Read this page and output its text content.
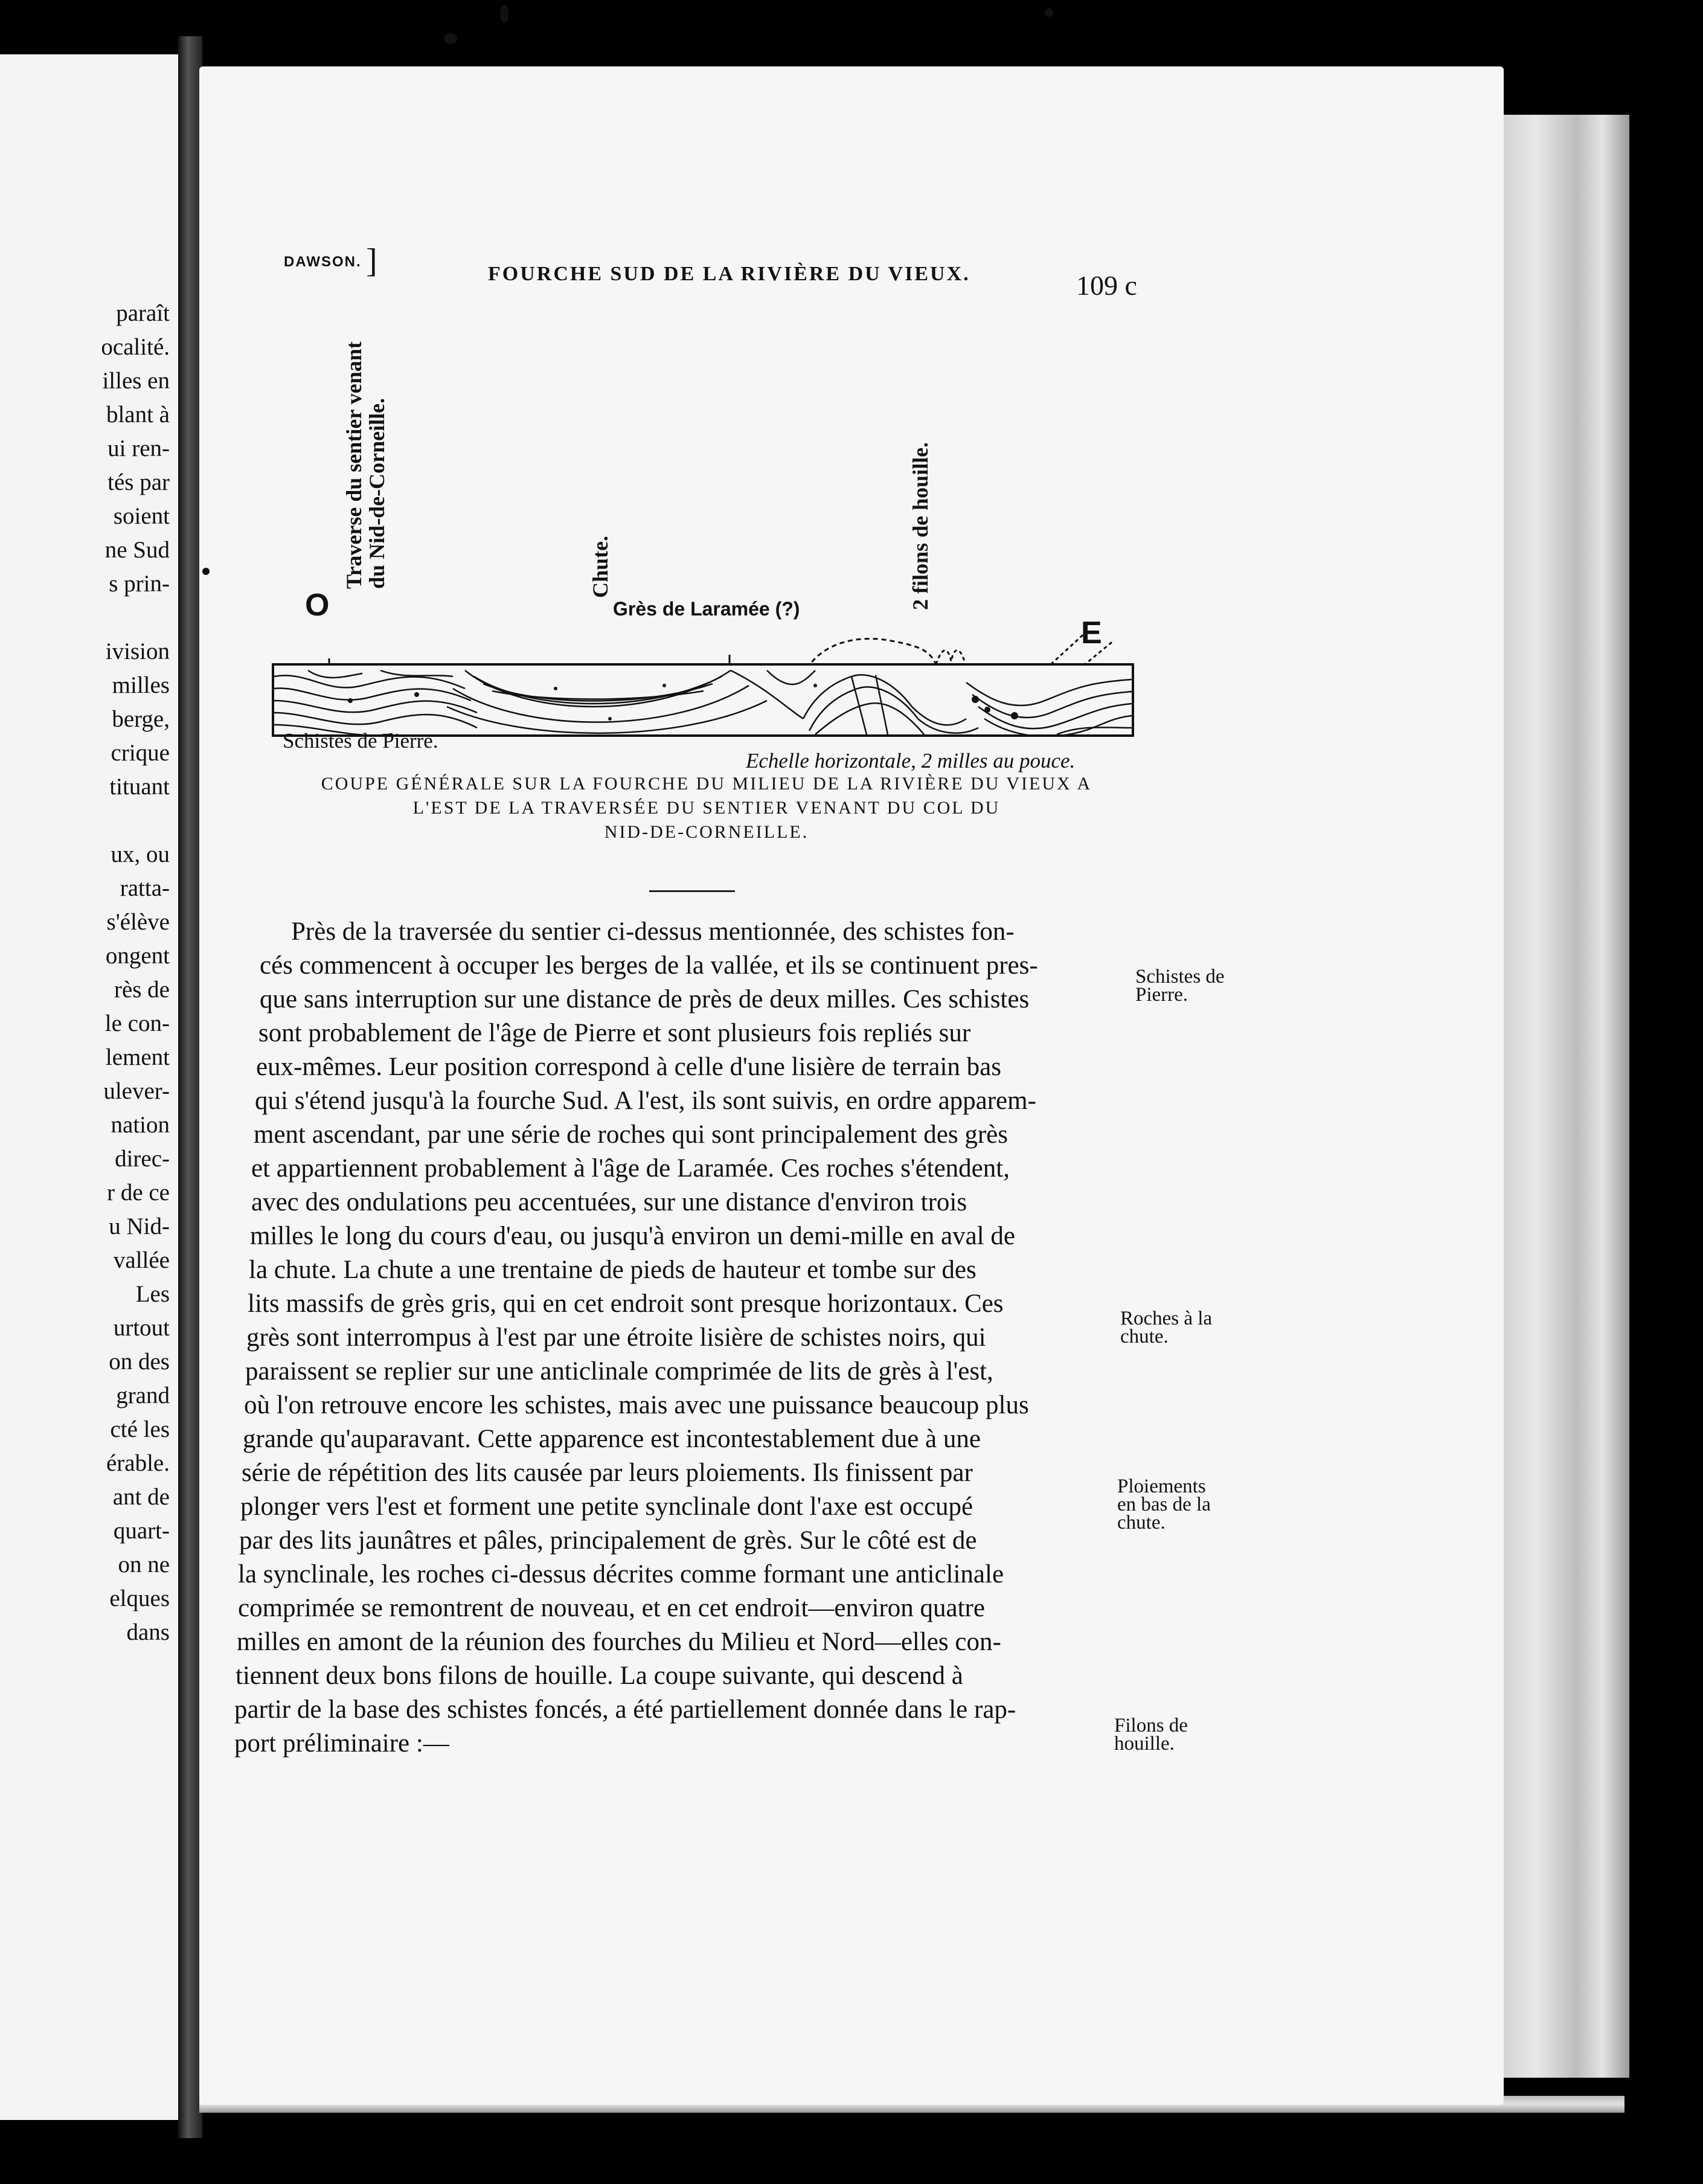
paraît
ocalité.
illes en
blant à
ui ren-
tés par
soient
ne Sud
s prin-
ivision
milles
berge,
crique
tituant
ux, ou
ratta-
s'élève
ongent
rès de
le con-
lement
ulever-
nation
direc-
r de ce
u Nid-
vallée
Les
urtout
on des
grand
cté les
érable.
ant de
quart-
on ne
elques
dans
DAWSON. ]	FOURCHE SUD DE LA RIVIÈRE DU VIEUX.	109 c
Traverse du sentier venant
du Nid-de-Corneille.	Chute.	2 filons de houille.
O
E
Grès de Laramée (?)
Schistes de Pierre.
Echelle horizontale, 2 milles au pouce.
COUPE GÉNÉRALE SUR LA FOURCHE DU MILIEU DE LA RIVIÈRE DU VIEUX A
L'EST DE LA TRAVERSÉE DU SENTIER VENANT DU COL DU
NID-DE-CORNEILLE.
Près de la traversée du sentier ci-dessus mentionnée, des schistes fon-
cés commencent à occuper les berges de la vallée, et ils se continuent pres-
que sans interruption sur une distance de près de deux milles. Ces schistes
sont probablement de l'âge de Pierre et sont plusieurs fois repliés sur
eux-mêmes. Leur position correspond à celle d'une lisière de terrain bas
qui s'étend jusqu'à la fourche Sud. A l'est, ils sont suivis, en ordre apparem-
ment ascendant, par une série de roches qui sont principalement des grès
et appartiennent probablement à l'âge de Laramée. Ces roches s'étendent,
avec des ondulations peu accentuées, sur une distance d'environ trois
milles le long du cours d'eau, ou jusqu'à environ un demi-mille en aval de
la chute. La chute a une trentaine de pieds de hauteur et tombe sur des
lits massifs de grès gris, qui en cet endroit sont presque horizontaux. Ces
grès sont interrompus à l'est par une étroite lisière de schistes noirs, qui
paraissent se replier sur une anticlinale comprimée de lits de grès à l'est,
où l'on retrouve encore les schistes, mais avec une puissance beaucoup plus
grande qu'auparavant. Cette apparence est incontestablement due à une
série de répétition des lits causée par leurs ploiements. Ils finissent par
plonger vers l'est et forment une petite synclinale dont l'axe est occupé
par des lits jaunâtres et pâles, principalement de grès. Sur le côté est de
la synclinale, les roches ci-dessus décrites comme formant une anticlinale
comprimée se remontrent de nouveau, et en cet endroit—environ quatre
milles en amont de la réunion des fourches du Milieu et Nord—elles con-
tiennent deux bons filons de houille. La coupe suivante, qui descend à
partir de la base des schistes foncés, a été partiellement donnée dans le rap-
port préliminaire :—
Schistes de
Pierre.
Roches à la
chute.
Ploiements
en bas de la
chute.
Filons de
houille.
